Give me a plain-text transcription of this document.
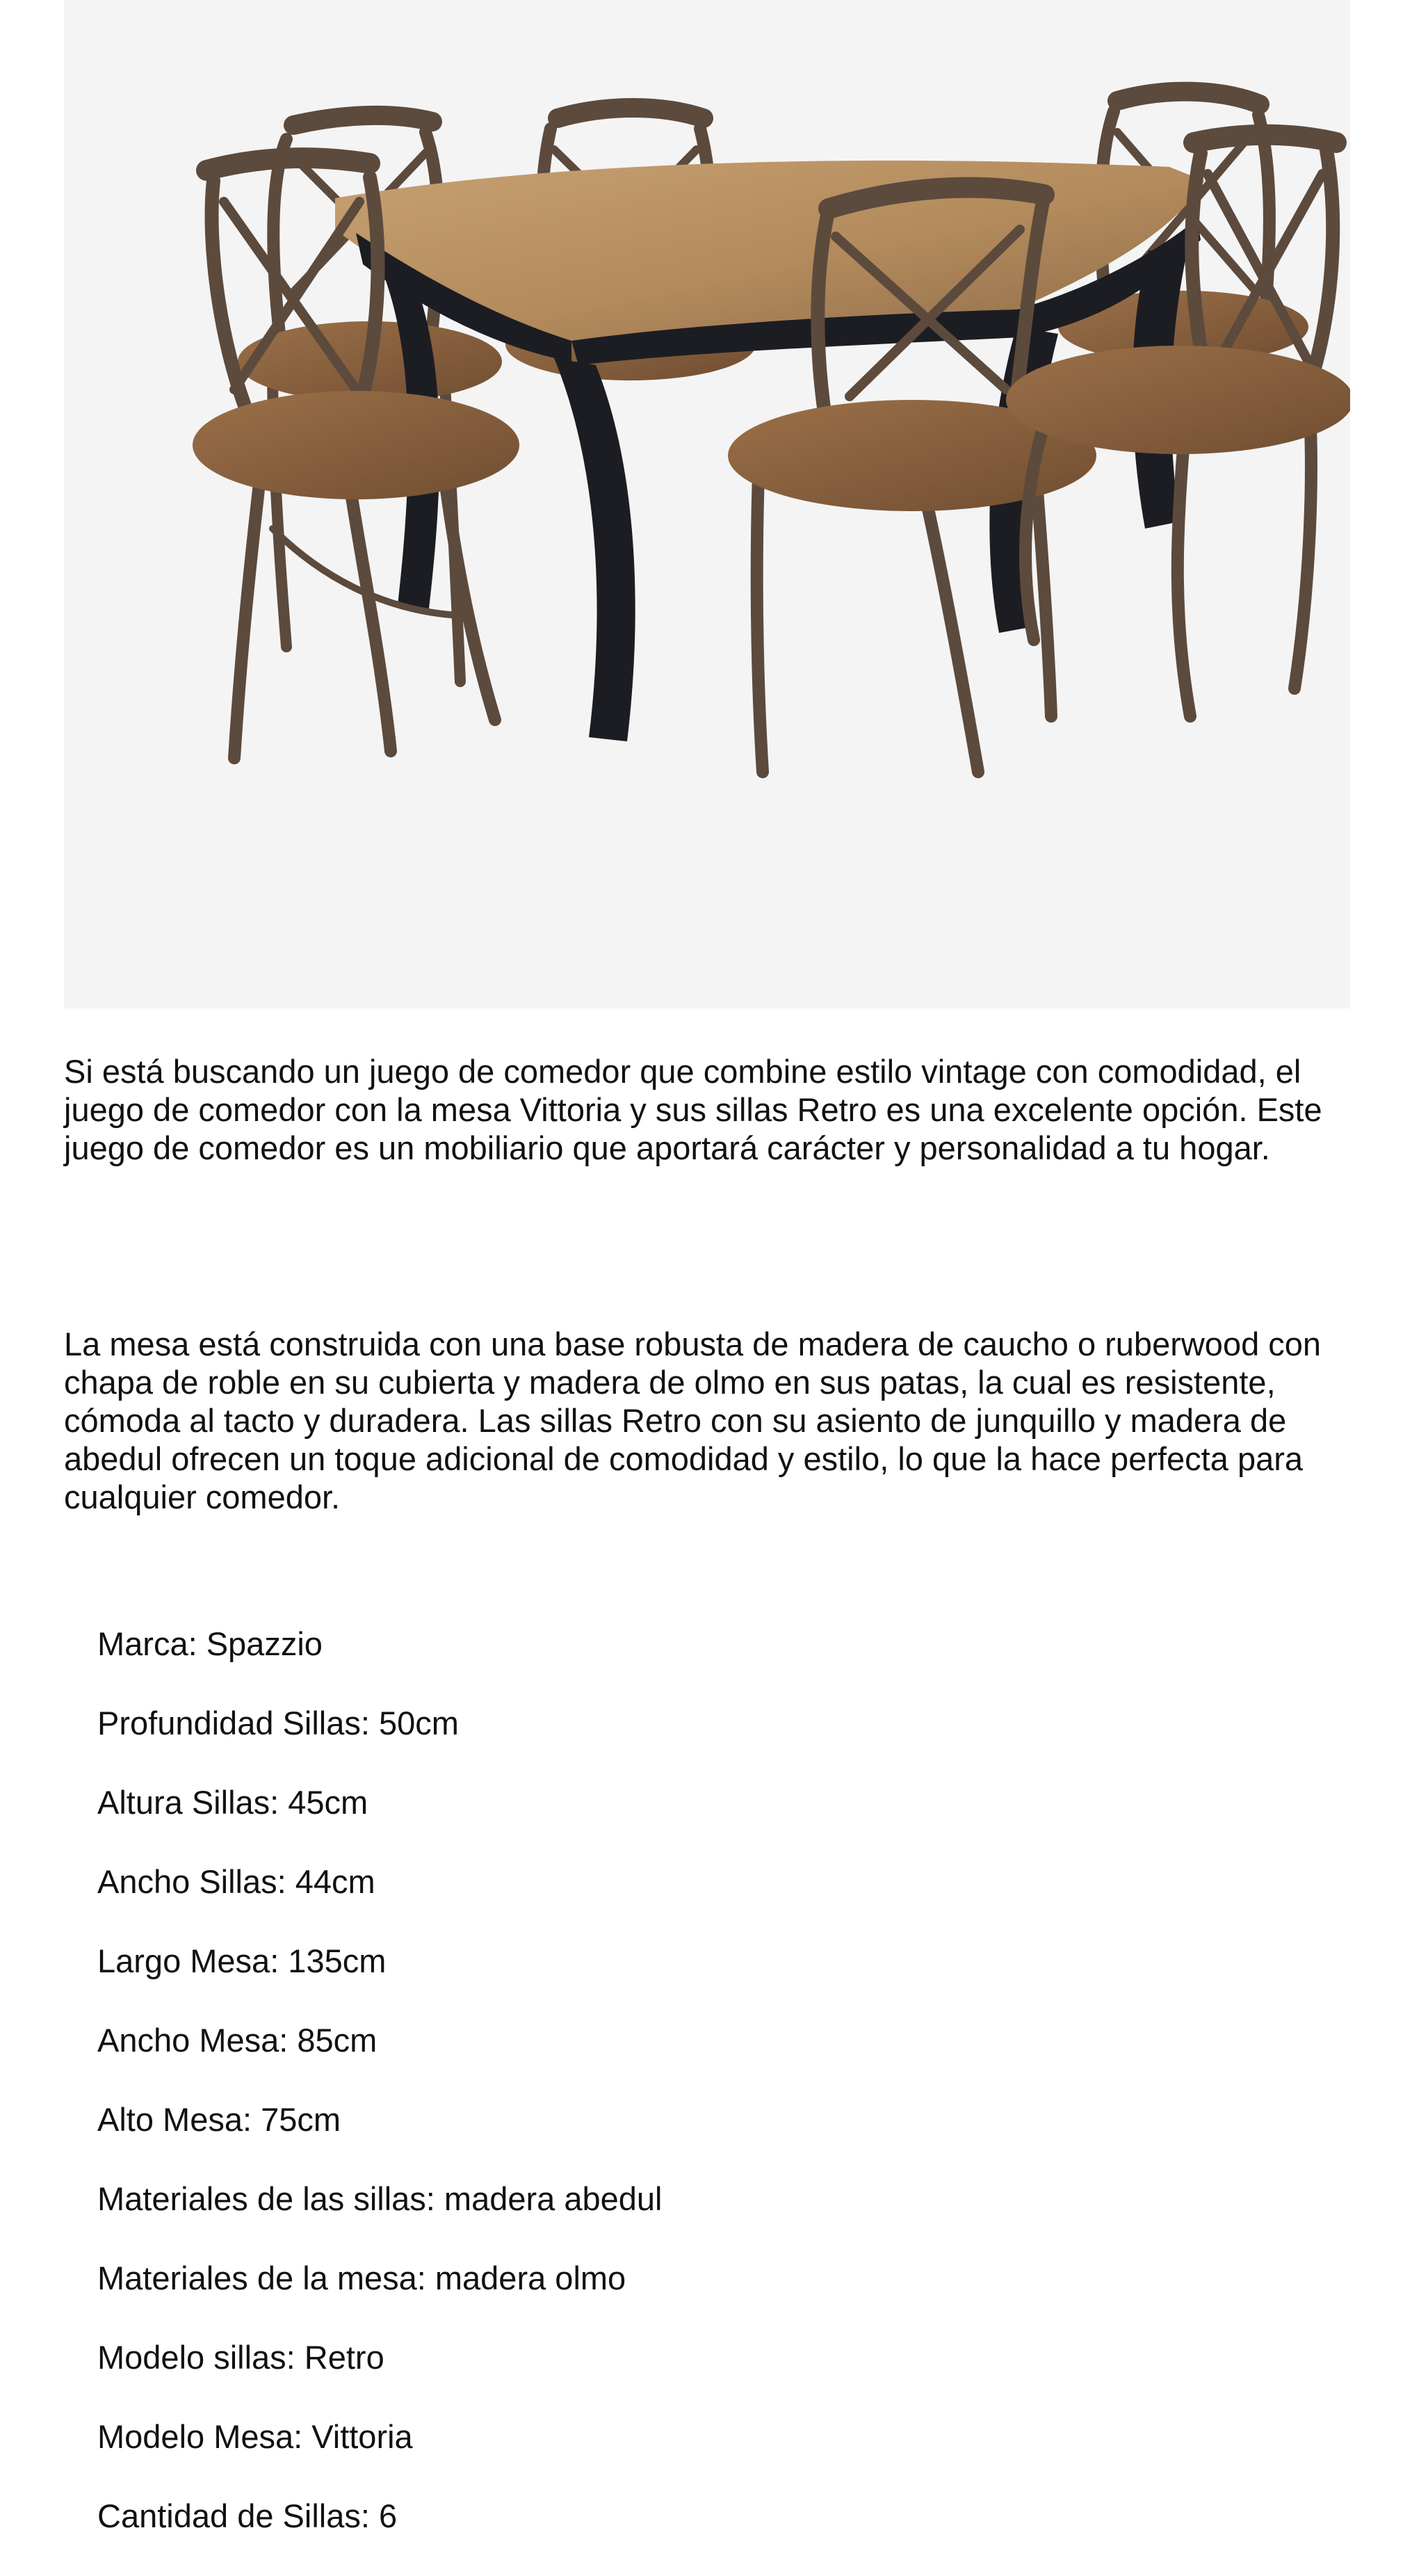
Si está buscando un juego de comedor que combine estilo vintage con comodidad, el juego de comedor con la mesa Vittoria y sus sillas Retro es una excelente opción. Este juego de comedor es un mobiliario que aportará carácter y personalidad a tu hogar.

La mesa está construida con una base robusta de madera de caucho o ruberwood con chapa de roble en su cubierta y madera de olmo en sus patas, la cual es resistente, cómoda al tacto y duradera. Las sillas Retro con su asiento de junquillo y madera de abedul ofrecen un toque adicional de comodidad y estilo, lo que la hace perfecta para cualquier comedor.

Marca: Spazzio
Profundidad Sillas: 50cm
Altura Sillas: 45cm
Ancho Sillas: 44cm
Largo Mesa: 135cm
Ancho Mesa: 85cm
Alto Mesa: 75cm
Materiales de las sillas: madera abedul
Materiales de la mesa: madera olmo
Modelo sillas: Retro
Modelo Mesa: Vittoria
Cantidad de Sillas: 6
